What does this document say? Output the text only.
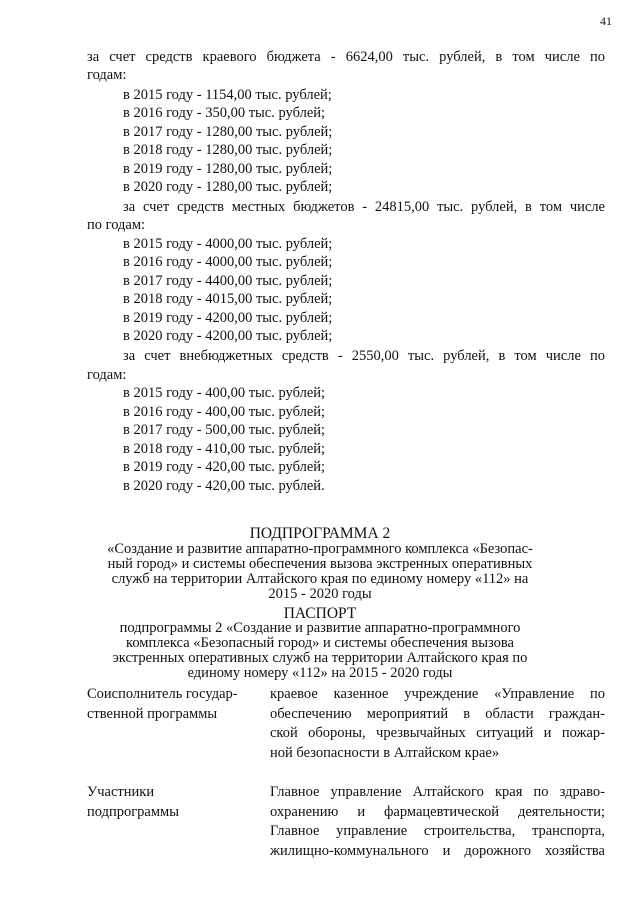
41
за счет средств краевого бюджета - 6624,00 тыс. рублей, в том числе по
годам:
в 2015 году - 1154,00 тыс. рублей;
в 2016 году - 350,00 тыс. рублей;
в 2017 году - 1280,00 тыс. рублей;
в 2018 году - 1280,00 тыс. рублей;
в 2019 году - 1280,00 тыс. рублей;
в 2020 году - 1280,00 тыс. рублей;
за счет средств местных бюджетов - 24815,00 тыс. рублей, в том числе
по годам:
в 2015 году - 4000,00 тыс. рублей;
в 2016 году - 4000,00 тыс. рублей;
в 2017 году - 4400,00 тыс. рублей;
в 2018 году - 4015,00 тыс. рублей;
в 2019 году - 4200,00 тыс. рублей;
в 2020 году - 4200,00 тыс. рублей;
за счет внебюджетных средств - 2550,00 тыс. рублей, в том числе по
годам:
в 2015 году - 400,00 тыс. рублей;
в 2016 году - 400,00 тыс. рублей;
в 2017 году - 500,00 тыс. рублей;
в 2018 году - 410,00 тыс. рублей;
в 2019 году - 420,00 тыс. рублей;
в 2020 году - 420,00 тыс. рублей.
ПОДПРОГРАММА 2
«Создание и развитие аппаратно-программного комплекса «Безопас-
ный город» и системы обеспечения вызова экстренных оперативных
служб на территории Алтайского края по единому номеру «112» на
2015 - 2020 годы
ПАСПОРТ
подпрограммы 2 «Создание и развитие аппаратно-программного
комплекса «Безопасный город» и системы обеспечения вызова
экстренных оперативных служб на территории Алтайского края по
единому номеру «112» на 2015 - 2020 годы
Соисполнитель государ-
ственной программы
краевое казенное учреждение «Управление по
обеспечению мероприятий в области граждан-
ской обороны, чрезвычайных ситуаций и пожар-
ной безопасности в Алтайском крае»
Участники
подпрограммы
Главное управление Алтайского края по здраво-
охранению и фармацевтической деятельности;
Главное управление строительства, транспорта,
жилищно-коммунального и дорожного хозяйства
